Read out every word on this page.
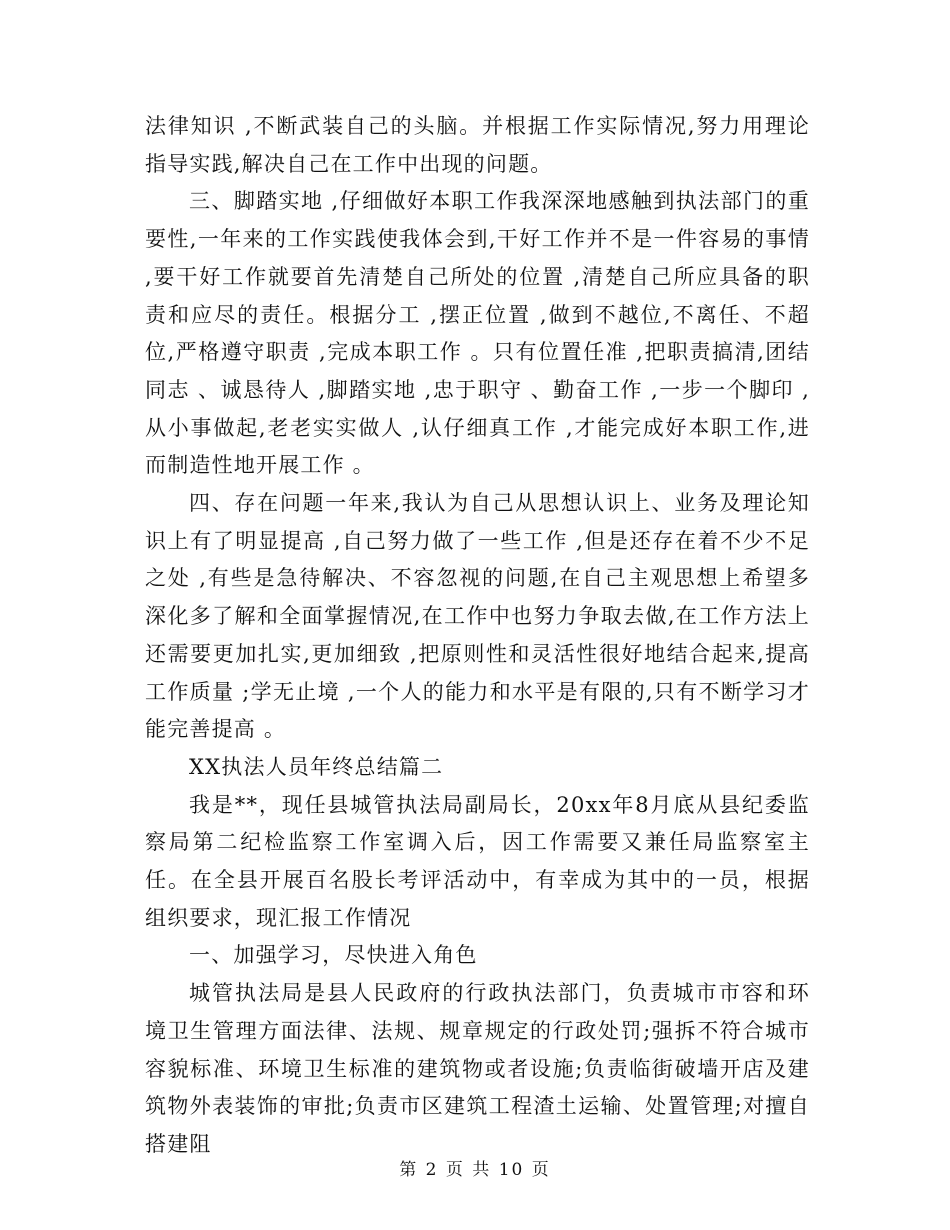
法律知识 ,不断武装自己的头脑。并根据工作实际情况,努力用理论指导实践,解决自己在工作中出现的问题。

三、脚踏实地 ,仔细做好本职工作我深深地感触到执法部门的重要性,一年来的工作实践使我体会到,干好工作并不是一件容易的事情 ,要干好工作就要首先清楚自己所处的位置 ,清楚自己所应具备的职责和应尽的责任。根据分工 ,摆正位置 ,做到不越位,不离任、不超位,严格遵守职责 ,完成本职工作 。只有位置任准 ,把职责搞清,团结同志 、诚恳待人 ,脚踏实地 ,忠于职守 、勤奋工作 ,一步一个脚印 ,从小事做起,老老实实做人 ,认仔细真工作 ,才能完成好本职工作,进而制造性地开展工作 。

四、存在问题一年来,我认为自己从思想认识上、业务及理论知识上有了明显提高 ,自己努力做了一些工作 ,但是还存在着不少不足之处 ,有些是急待解决、不容忽视的问题,在自己主观思想上希望多深化多了解和全面掌握情况,在工作中也努力争取去做,在工作方法上还需要更加扎实,更加细致 ,把原则性和灵活性很好地结合起来,提高工作质量 ;学无止境 ,一个人的能力和水平是有限的,只有不断学习才能完善提高 。

XX执法人员年终总结篇二

我是**，现任县城管执法局副局长，20xx年8月底从县纪委监察局第二纪检监察工作室调入后，因工作需要又兼任局监察室主任。在全县开展百名股长考评活动中，有幸成为其中的一员，根据组织要求，现汇报工作情况

一、加强学习，尽快进入角色

城管执法局是县人民政府的行政执法部门，负责城市市容和环境卫生管理方面法律、法规、规章规定的行政处罚;强拆不符合城市容貌标准、环境卫生标准的建筑物或者设施;负责临街破墙开店及建筑物外表装饰的审批;负责市区建筑工程渣土运输、处置管理;对擅自搭建阻

第 2 页 共 10 页
